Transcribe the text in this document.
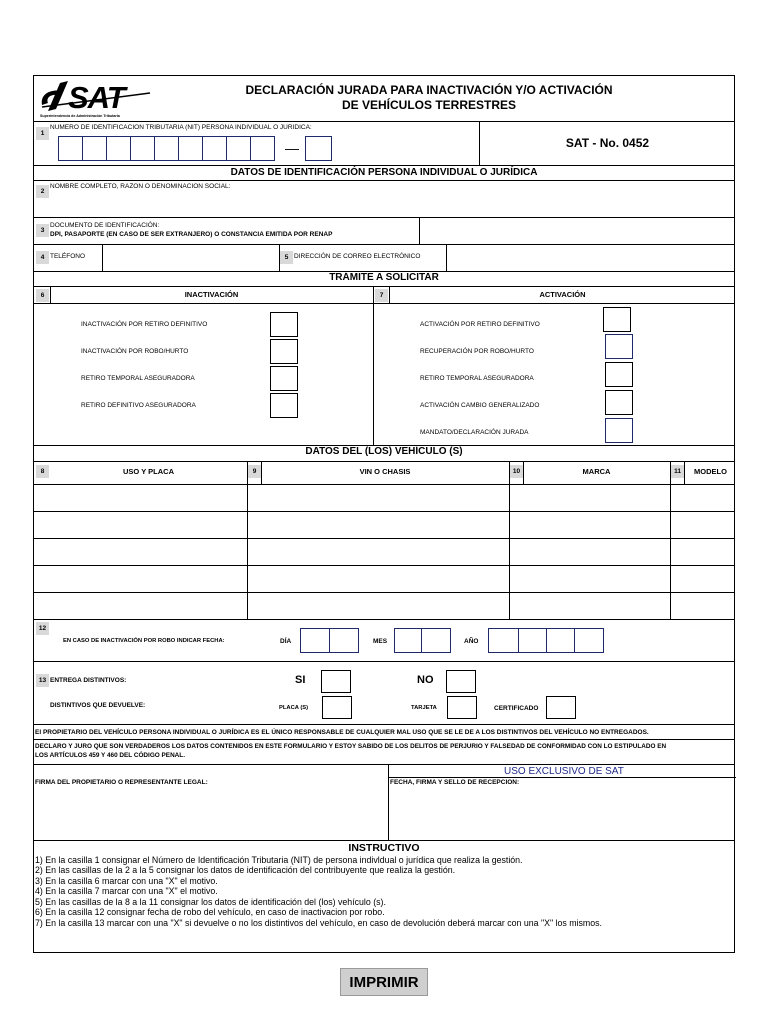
SAT
Superintendencia de Administración Tributaria
DECLARACIÓN JURADA PARA INACTIVACIÓN Y/O ACTIVACIÓN
DE VEHÍCULOS TERRESTRES
1
NUMERO DE IDENTIFICACION TRIBUTARIA (NIT) PERSONA INDIVIDUAL O JURIDICA:
—	SAT - No. 0452
DATOS DE IDENTIFICACIÓN PERSONA INDIVIDUAL O JURÍDICA
2
NOMBRE COMPLETO, RAZON O DENOMINACION SOCIAL:
3
DOCUMENTO DE IDENTIFICACIÓN:
DPI, PASAPORTE (EN CASO DE SER EXTRANJERO) O CONSTANCIA EMITIDA POR RENAP
4 TELÉFONO	5 DIRECCIÓN DE CORREO ELECTRÓNICO
TRÁMITE A SOLICITAR
6	INACTIVACIÓN	7	ACTIVACIÓN
INACTIVACIÓN POR RETIRO DEFINITIVO
INACTIVACIÓN POR ROBO/HURTO
RETIRO TEMPORAL ASEGURADORA
RETIRO DEFINITIVO ASEGURADORA
ACTIVACIÓN POR RETIRO DEFINITIVO
RECUPERACIÓN POR ROBO/HURTO
RETIRO TEMPORAL ASEGURADORA
ACTIVACIÓN CAMBIO GENERALIZADO
MANDATO/DECLARACIÓN JURADA
DATOS DEL (LOS) VEHÍCULO (S)
8	USO Y PLACA	9	VIN O CHASIS	10	MARCA	11	MODELO
12
EN CASO DE INACTIVACIÓN POR ROBO INDICAR FECHA:	DÍA	MES	AÑO
13 ENTREGA DISTINTIVOS:	SI	NO
DISTINTIVOS QUE DEVUELVE:	PLACA (S)	TARJETA	CERTIFICADO
El PROPIETARIO DEL VEHÍCULO PERSONA INDIVIDUAL O JURÍDICA ES EL ÚNICO RESPONSABLE DE CUALQUIER MAL USO QUE SE LE DE A LOS DISTINTIVOS DEL VEHÍCULO NO ENTREGADOS.
DECLARO Y JURO QUE SON VERDADEROS LOS DATOS CONTENIDOS EN ESTE FORMULARIO Y ESTOY SABIDO DE LOS DELITOS DE PERJURIO Y FALSEDAD DE CONFORMIDAD CON LO ESTIPULADO EN
LOS ARTÍCULOS 459 Y 460 DEL CÓDIGO PENAL.
USO EXCLUSIVO DE SAT
FIRMA DEL PROPIETARIO O REPRESENTANTE LEGAL:	FECHA, FIRMA Y SELLO DE RECEPCION:
INSTRUCTIVO
1) En la casilla 1 consignar el Número de Identificación Tributaria (NIT) de persona indivldual o jurídica que realiza la gestión.
2) En las casillas de la 2 a la 5 consignar los datos de identificación del contribuyente que realiza la gestión.
3) En la casilla 6 marcar con una "X" el motivo.
4) En la casilla 7 marcar con una "X" el motivo.
5) En las casillas de la 8 a la 11 consignar los datos de identificación del (los) vehículo (s).
6) En la casilla 12 consignar fecha de robo del vehículo, en caso de inactivacion por robo.
7) En la casilla 13 marcar con una "X" si devuelve o no los distintivos del vehículo, en caso de devolución deberá marcar con una "X" los mismos.
IMPRIMIR
